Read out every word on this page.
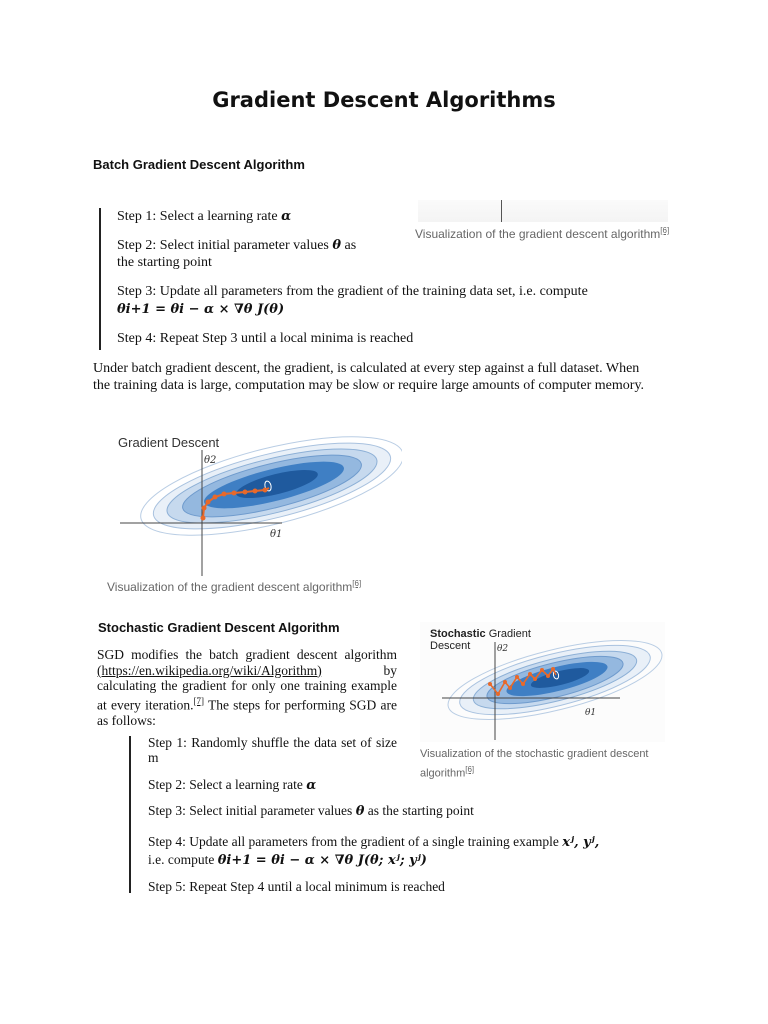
Gradient Descent Algorithms
Batch Gradient Descent Algorithm
Step 1: Select a learning rate α
Step 2: Select initial parameter values θ as
the starting point
Step 3: Update all parameters from the gradient of the training data set, i.e. compute
θi+1 = θi − α × ∇θ J(θ)
Step 4: Repeat Step 3 until a local minima is reached
Visualization of the gradient descent algorithm[6]
Under batch gradient descent, the gradient, is calculated at every step against a full dataset. When the training data is large, computation may be slow or require large amounts of computer memory.
Gradient Descent
θ2
θ1
Visualization of the gradient descent algorithm[6]
Stochastic Gradient Descent Algorithm
SGD modifies the batch gradient descent algorithm (https://en.wikipedia.org/wiki/Algorithm)	by calculating the gradient for only one training example at every iteration.[7] The steps for performing SGD are as follows:
Stochastic Gradient
Descent	θ2
θ1
Visualization of the stochastic gradient descent algorithm[6]
Step 1: Randomly shuffle the data set of size m
Step 2: Select a learning rate α
Step 3: Select initial parameter values θ as the starting point
Step 4: Update all parameters from the gradient of a single training example xʲ, yʲ,
i.e. compute θi+1 = θi − α × ∇θ J(θ; xʲ; yʲ)
Step 5: Repeat Step 4 until a local minimum is reached
